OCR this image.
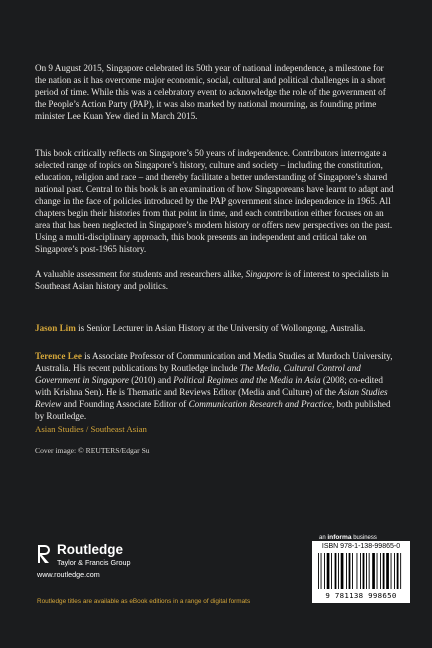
On 9 August 2015, Singapore celebrated its 50th year of national independence, a milestone for the nation as it has overcome major economic, social, cultural and political challenges in a short period of time. While this was a celebratory event to acknowledge the role of the government of the People’s Action Party (PAP), it was also marked by national mourning, as founding prime minister Lee Kuan Yew died in March 2015.

This book critically reflects on Singapore’s 50 years of independence. Contributors interrogate a selected range of topics on Singapore’s history, culture and society – including the constitution, education, religion and race – and thereby facilitate a better understanding of Singapore’s shared national past. Central to this book is an examination of how Singaporeans have learnt to adapt and change in the face of policies introduced by the PAP government since independence in 1965. All chapters begin their histories from that point in time, and each contribution either focuses on an area that has been neglected in Singapore’s modern history or offers new perspectives on the past. Using a multi-disciplinary approach, this book presents an independent and critical take on Singapore’s post-1965 history.

A valuable assessment for students and researchers alike, Singapore is of interest to specialists in Southeast Asian history and politics.

Jason Lim is Senior Lecturer in Asian History at the University of Wollongong, Australia.

Terence Lee is Associate Professor of Communication and Media Studies at Murdoch University, Australia. His recent publications by Routledge include The Media, Cultural Control and Government in Singapore (2010) and Political Regimes and the Media in Asia (2008; co-edited with Krishna Sen). He is Thematic and Reviews Editor (Media and Culture) of the Asian Studies Review and Founding Associate Editor of Communication Research and Practice, both published by Routledge.

Asian Studies / Southeast Asian
Cover image: © REUTERS/Edgar Su
Routledge
Taylor & Francis Group
www.routledge.com
Routledge titles are available as eBook editions in a range of digital formats
an informa business
ISBN 978-1-138-99865-0
9 781138 998650
